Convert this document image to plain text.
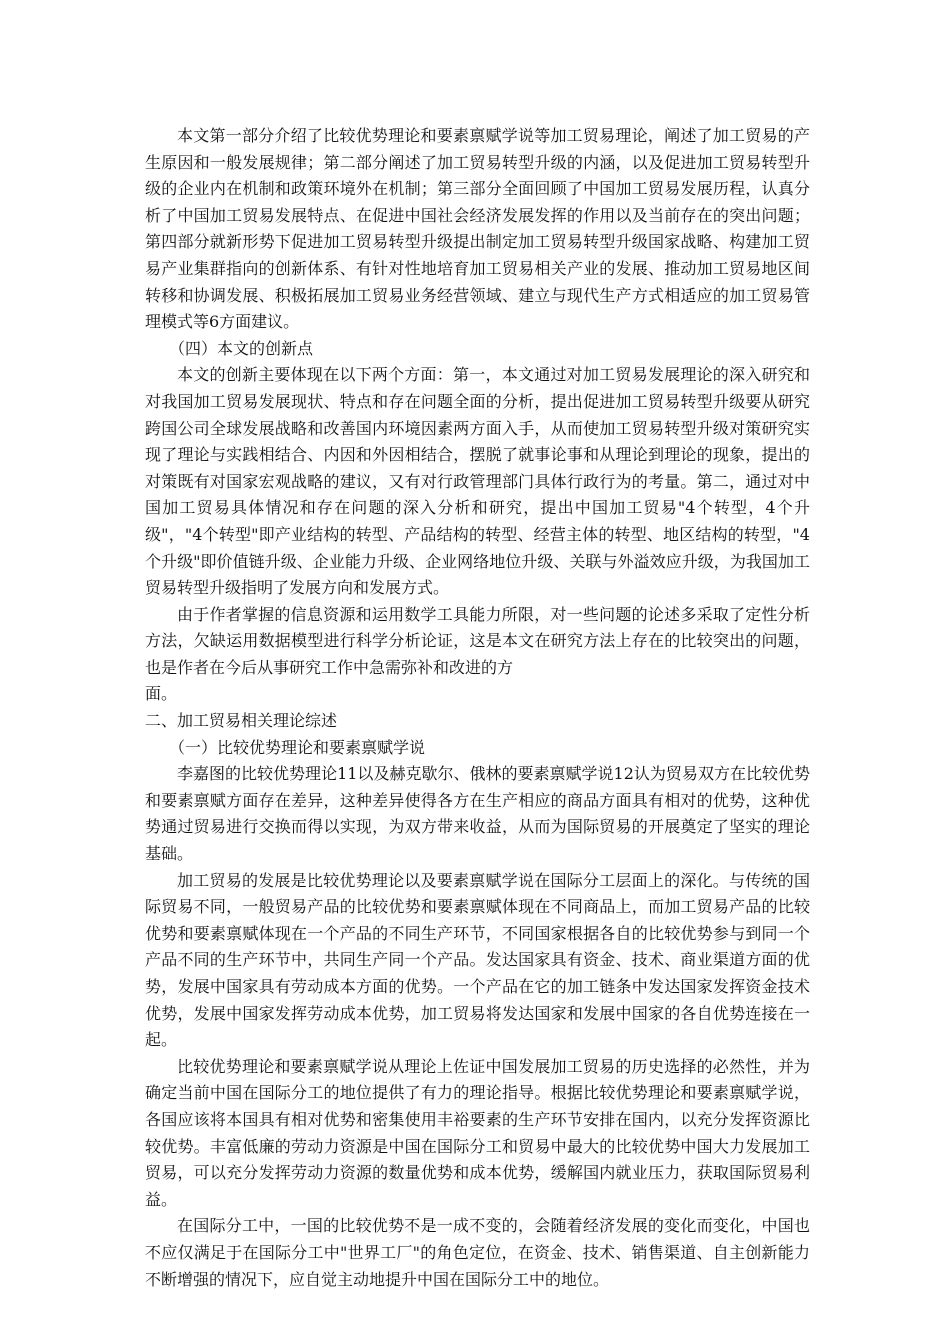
本文第一部分介绍了比较优势理论和要素禀赋学说等加工贸易理论，阐述了加工贸易的产生原因和一般发展规律；第二部分阐述了加工贸易转型升级的内涵，以及促进加工贸易转型升级的企业内在机制和政策环境外在机制；第三部分全面回顾了中国加工贸易发展历程，认真分析了中国加工贸易发展特点、在促进中国社会经济发展发挥的作用以及当前存在的突出问题；第四部分就新形势下促进加工贸易转型升级提出制定加工贸易转型升级国家战略、构建加工贸易产业集群指向的创新体系、有针对性地培育加工贸易相关产业的发展、推动加工贸易地区间转移和协调发展、积极拓展加工贸易业务经营领域、建立与现代生产方式相适应的加工贸易管理模式等6方面建议。

（四）本文的创新点

本文的创新主要体现在以下两个方面：第一，本文通过对加工贸易发展理论的深入研究和对我国加工贸易发展现状、特点和存在问题全面的分析，提出促进加工贸易转型升级要从研究跨国公司全球发展战略和改善国内环境因素两方面入手，从而使加工贸易转型升级对策研究实现了理论与实践相结合、内因和外因相结合，摆脱了就事论事和从理论到理论的现象，提出的对策既有对国家宏观战略的建议，又有对行政管理部门具体行政行为的考量。第二，通过对中国加工贸易具体情况和存在问题的深入分析和研究，提出中国加工贸易"4个转型，4个升级"，"4个转型"即产业结构的转型、产品结构的转型、经营主体的转型、地区结构的转型，"4个升级"即价值链升级、企业能力升级、企业网络地位升级、关联与外溢效应升级，为我国加工贸易转型升级指明了发展方向和发展方式。

由于作者掌握的信息资源和运用数学工具能力所限，对一些问题的论述多采取了定性分析方法，欠缺运用数据模型进行科学分析论证，这是本文在研究方法上存在的比较突出的问题，也是作者在今后从事研究工作中急需弥补和改进的方

面。

二、加工贸易相关理论综述

（一）比较优势理论和要素禀赋学说

李嘉图的比较优势理论11以及赫克歇尔、俄林的要素禀赋学说12认为贸易双方在比较优势和要素禀赋方面存在差异，这种差异使得各方在生产相应的商品方面具有相对的优势，这种优势通过贸易进行交换而得以实现，为双方带来收益，从而为国际贸易的开展奠定了坚实的理论基础。

加工贸易的发展是比较优势理论以及要素禀赋学说在国际分工层面上的深化。与传统的国际贸易不同，一般贸易产品的比较优势和要素禀赋体现在不同商品上，而加工贸易产品的比较优势和要素禀赋体现在一个产品的不同生产环节，不同国家根据各自的比较优势参与到同一个产品不同的生产环节中，共同生产同一个产品。发达国家具有资金、技术、商业渠道方面的优势，发展中国家具有劳动成本方面的优势。一个产品在它的加工链条中发达国家发挥资金技术优势，发展中国家发挥劳动成本优势，加工贸易将发达国家和发展中国家的各自优势连接在一起。

比较优势理论和要素禀赋学说从理论上佐证中国发展加工贸易的历史选择的必然性，并为确定当前中国在国际分工的地位提供了有力的理论指导。根据比较优势理论和要素禀赋学说，各国应该将本国具有相对优势和密集使用丰裕要素的生产环节安排在国内，以充分发挥资源比较优势。丰富低廉的劳动力资源是中国在国际分工和贸易中最大的比较优势中国大力发展加工贸易，可以充分发挥劳动力资源的数量优势和成本优势，缓解国内就业压力，获取国际贸易利益。

在国际分工中，一国的比较优势不是一成不变的，会随着经济发展的变化而变化，中国也不应仅满足于在国际分工中"世界工厂"的角色定位，在资金、技术、销售渠道、自主创新能力不断增强的情况下，应自觉主动地提升中国在国际分工中的地位。
